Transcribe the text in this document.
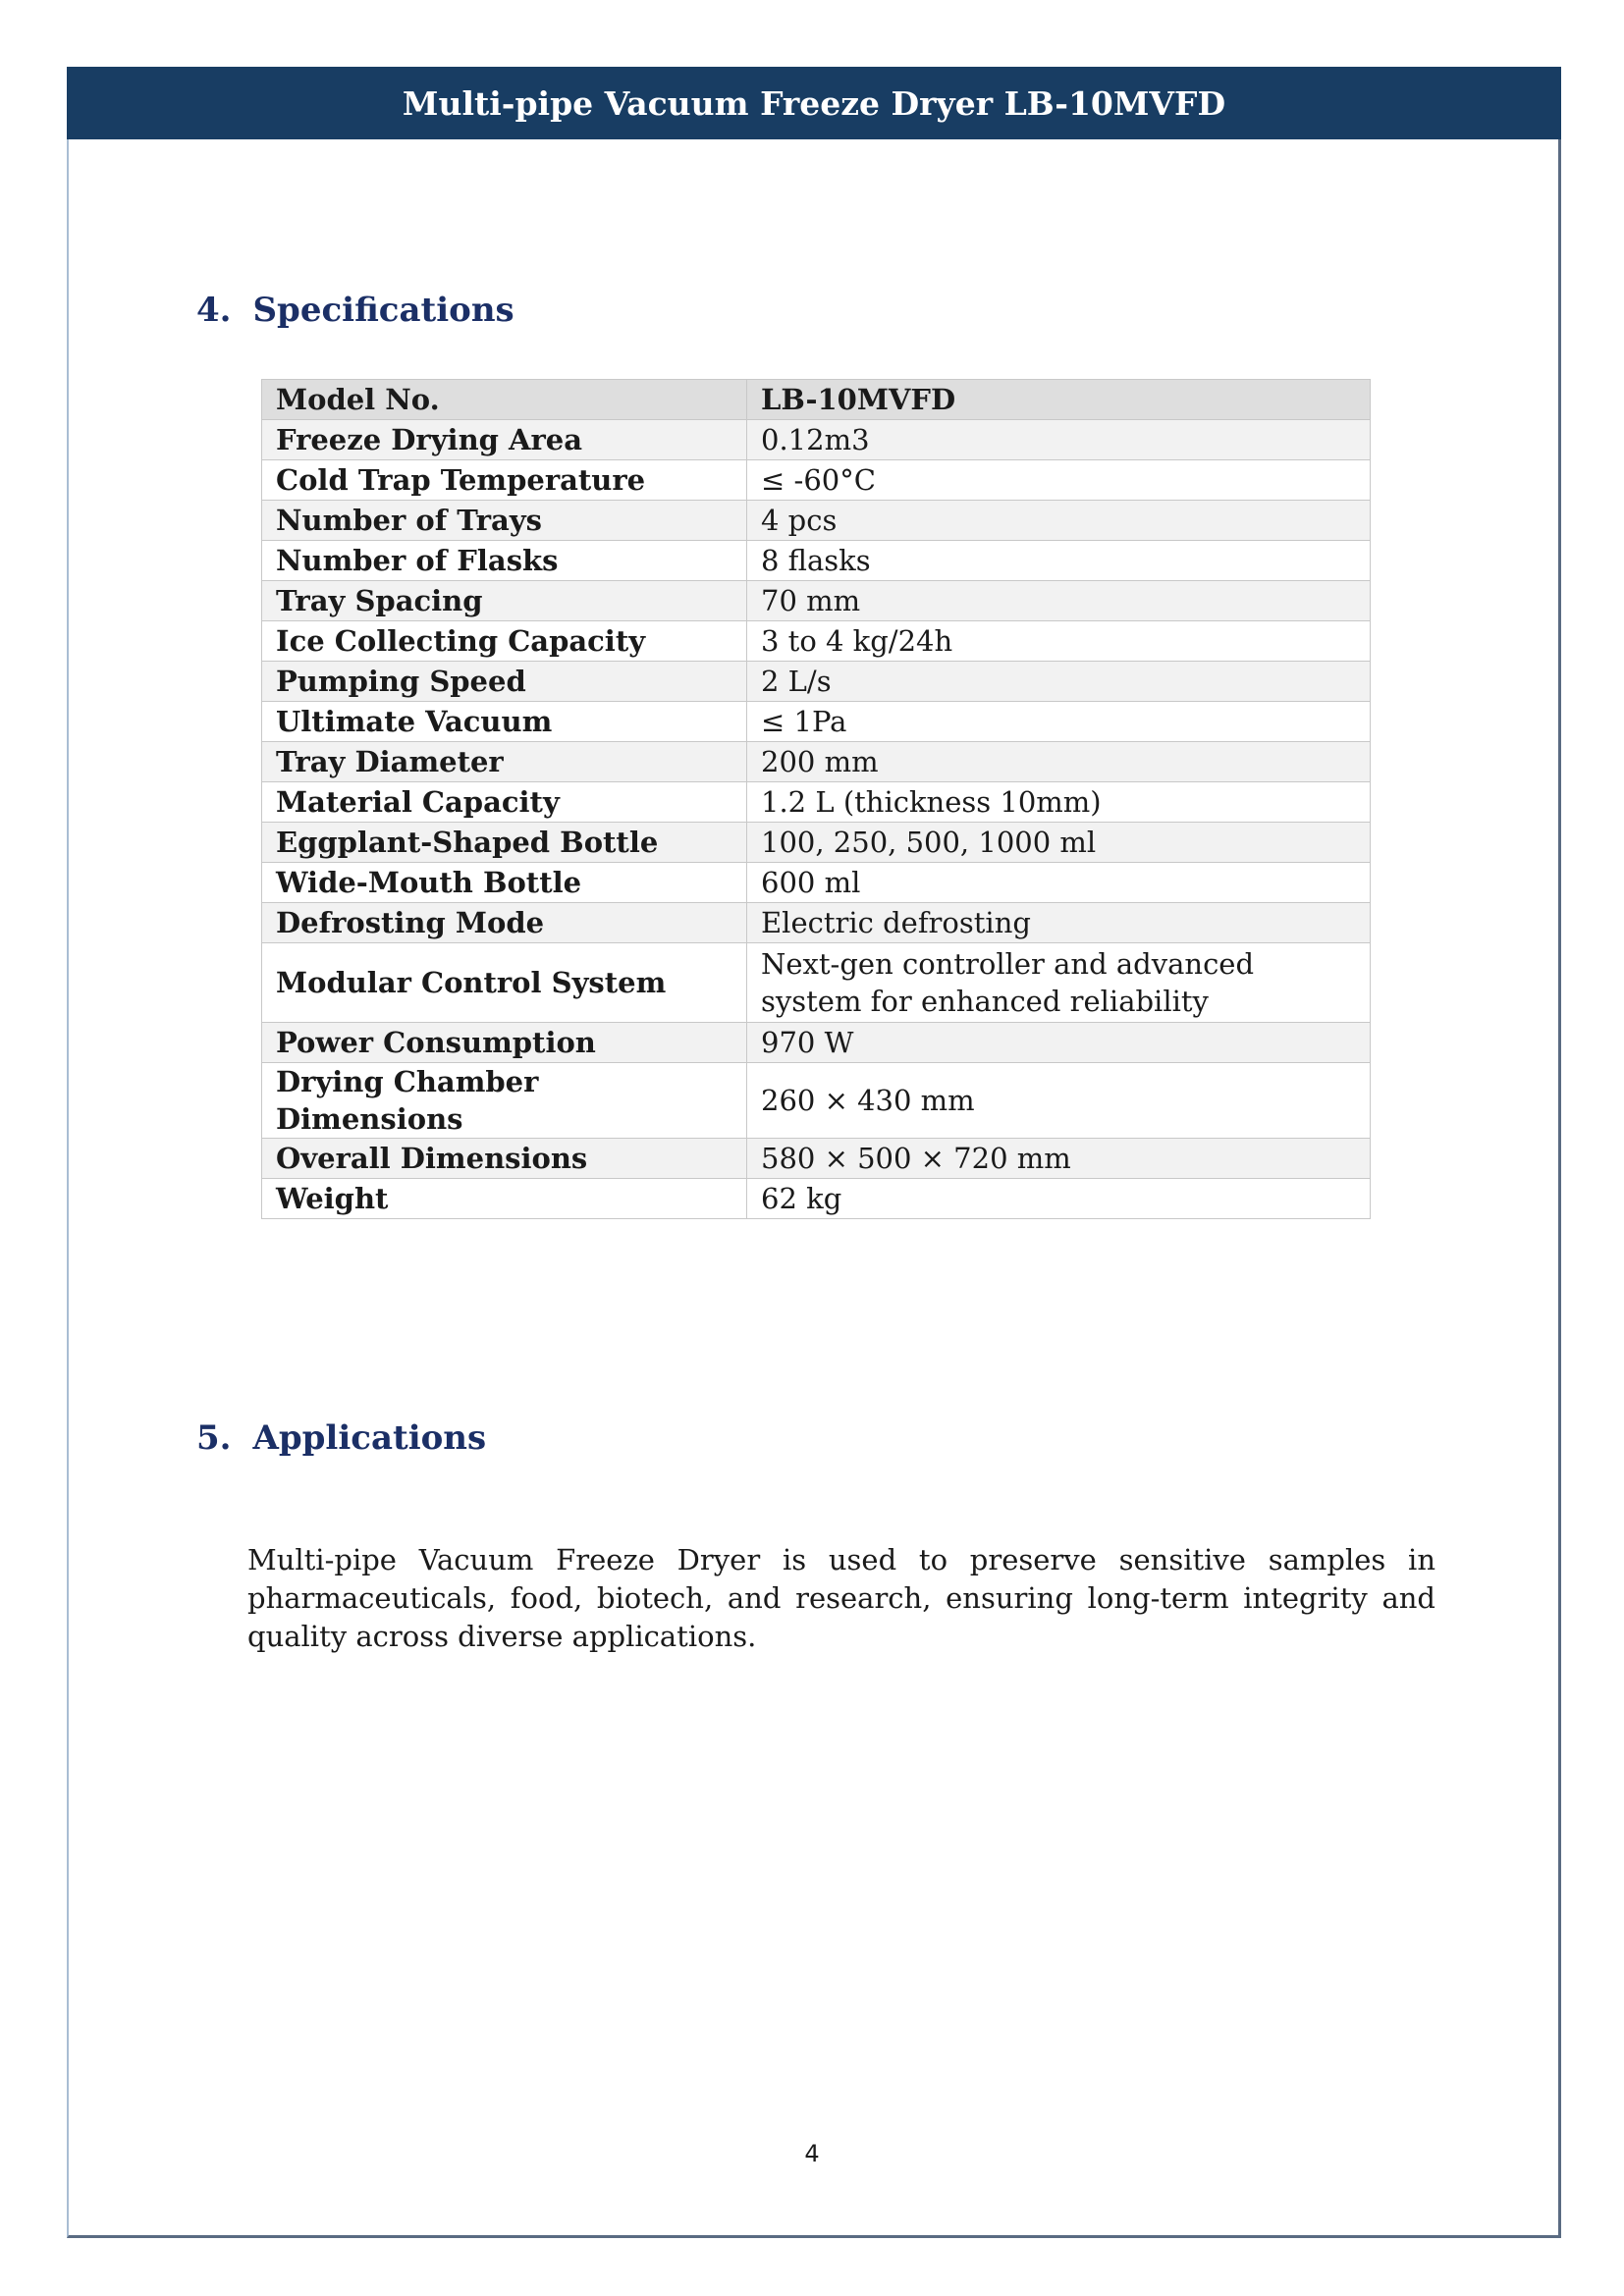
Multi-pipe Vacuum Freeze Dryer LB-10MVFD
4. Specifications
Model No.	LB-10MVFD
Freeze Drying Area	0.12m3
Cold Trap Temperature	≤ -60°C
Number of Trays	4 pcs
Number of Flasks	8 flasks
Tray Spacing	70 mm
Ice Collecting Capacity	3 to 4 kg/24h
Pumping Speed	2 L/s
Ultimate Vacuum	≤ 1Pa
Tray Diameter	200 mm
Material Capacity	1.2 L (thickness 10mm)
Eggplant-Shaped Bottle	100, 250, 500, 1000 ml
Wide-Mouth Bottle	600 ml
Defrosting Mode	Electric defrosting
Modular Control System	Next-gen controller and advanced system for enhanced reliability
Power Consumption	970 W
Drying Chamber Dimensions	260 × 430 mm
Overall Dimensions	580 × 500 × 720 mm
Weight	62 kg
5. Applications

Multi-pipe Vacuum Freeze Dryer is used to preserve sensitive samples in pharmaceuticals, food, biotech, and research, ensuring long-term integrity and quality across diverse applications.

4
